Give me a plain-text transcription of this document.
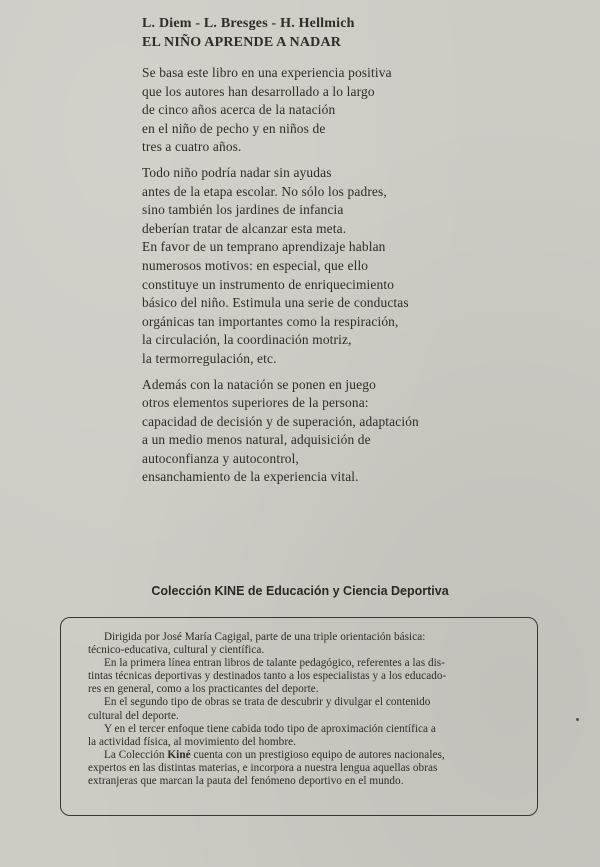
L. Diem - L. Bresges - H. Hellmich
EL NIÑO APRENDE A NADAR
Se basa este libro en una experiencia positiva
que los autores han desarrollado a lo largo
de cinco años acerca de la natación
en el niño de pecho y en niños de
tres a cuatro años.
Todo niño podría nadar sin ayudas
antes de la etapa escolar. No sólo los padres,
sino también los jardines de infancia
deberían tratar de alcanzar esta meta.
En favor de un temprano aprendizaje hablan
numerosos motivos: en especial, que ello
constituye un instrumento de enriquecimiento
básico del niño. Estimula una serie de conductas
orgánicas tan importantes como la respiración,
la circulación, la coordinación motriz,
la termorregulación, etc.
Además con la natación se ponen en juego
otros elementos superiores de la persona:
capacidad de decisión y de superación, adaptación
a un medio menos natural, adquisición de
autoconfianza y autocontrol,
ensanchamiento de la experiencia vital.
Colección KINE de Educación y Ciencia Deportiva
Dirigida por José María Cagigal, parte de una triple orientación básica:
técnico-educativa, cultural y científica.
En la primera línea entran libros de talante pedagógico, referentes a las dis-
tintas técnicas deportivas y destinados tanto a los especialistas y a los educado-
res en general, como a los practicantes del deporte.
En el segundo tipo de obras se trata de descubrir y divulgar el contenido
cultural del deporte.
Y en el tercer enfoque tiene cabida todo tipo de aproximación científica a
la actividad física, al movimiento del hombre.
La Colección Kiné cuenta con un prestigioso equipo de autores nacionales,
expertos en las distintas materias, e incorpora a nuestra lengua aquellas obras
extranjeras que marcan la pauta del fenómeno deportivo en el mundo.
